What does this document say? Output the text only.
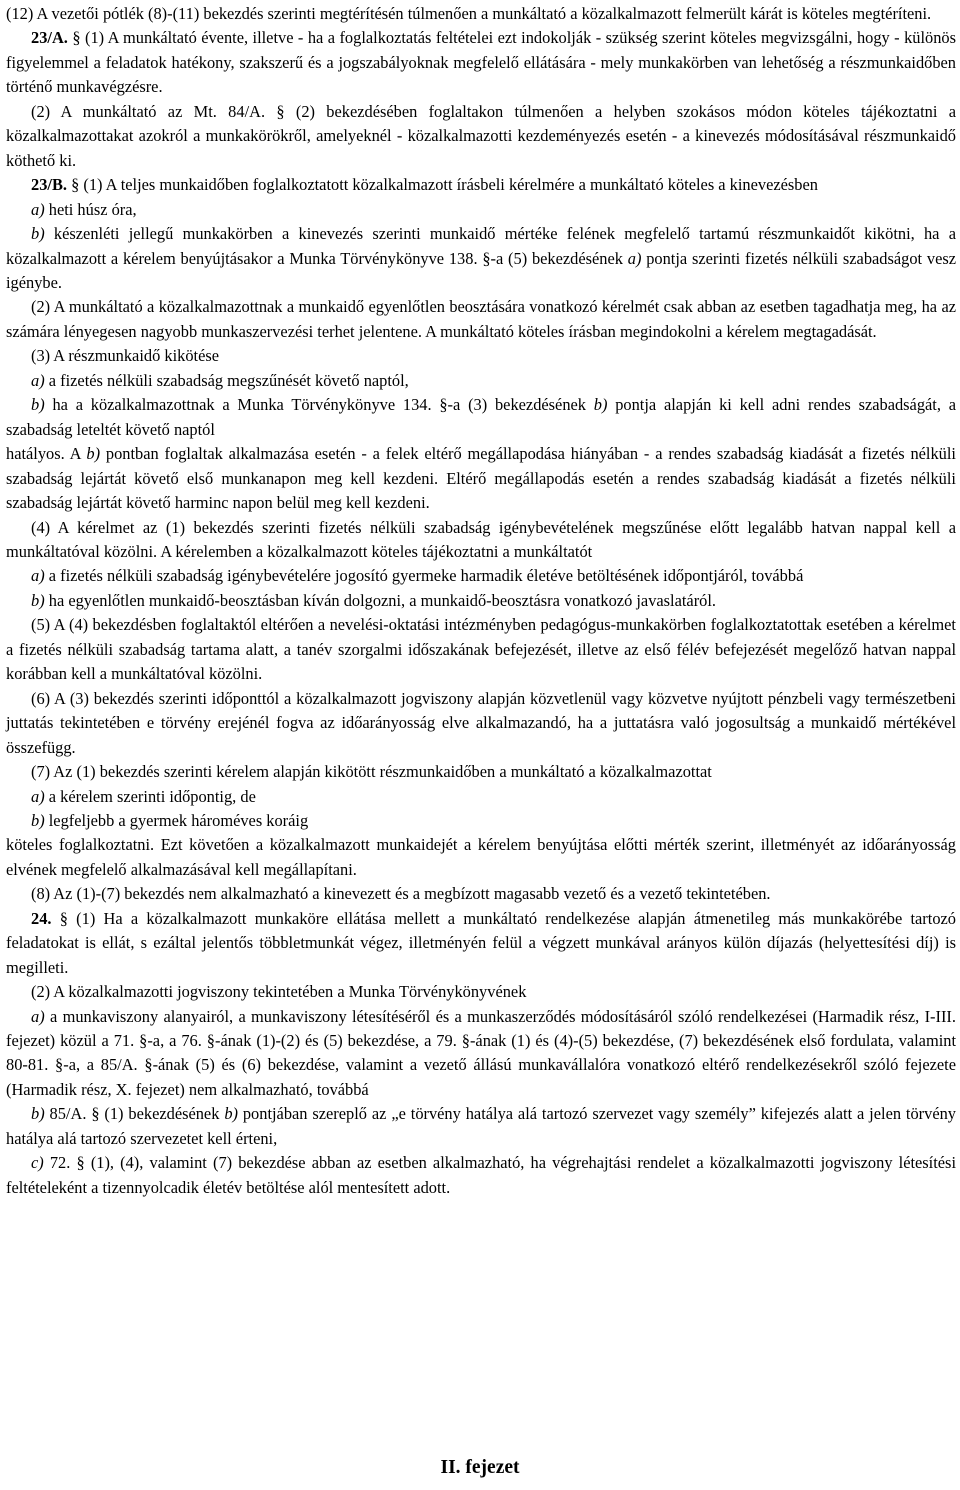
(12) A vezetői pótlék (8)-(11) bekezdés szerinti megtérítésén túlmenően a munkáltató a közalkalmazott felmerült kárát is köteles megtéríteni.

23/A. § (1) A munkáltató évente, illetve - ha a foglalkoztatás feltételei ezt indokolják - szükség szerint köteles megvizsgálni, hogy - különös figyelemmel a feladatok hatékony, szakszerű és a jogszabályoknak megfelelő ellátására - mely munkakörben van lehetőség a részmunkaidőben történő munkavégzésre.

(2) A munkáltató az Mt. 84/A. § (2) bekezdésében foglaltakon túlmenően a helyben szokásos módon köteles tájékoztatni a közalkalmazottakat azokról a munkakörökről, amelyeknél - közalkalmazotti kezdeményezés esetén - a kinevezés módosításával részmunkaidő köthető ki.

23/B. § (1) A teljes munkaidőben foglalkoztatott közalkalmazott írásbeli kérelmére a munkáltató köteles a kinevezésben

a) heti húsz óra,

b) készenléti jellegű munkakörben a kinevezés szerinti munkaidő mértéke felének megfelelő tartamú részmunkaidőt kikötni, ha a közalkalmazott a kérelem benyújtásakor a Munka Törvénykönyve 138. §-a (5) bekezdésének a) pontja szerinti fizetés nélküli szabadságot vesz igénybe.

(2) A munkáltató a közalkalmazottnak a munkaidő egyenlőtlen beosztására vonatkozó kérelmét csak abban az esetben tagadhatja meg, ha az számára lényegesen nagyobb munkaszervezési terhet jelentene. A munkáltató köteles írásban megindokolni a kérelem megtagadását.

(3) A részmunkaidő kikötése

a) a fizetés nélküli szabadság megszűnését követő naptól,

b) ha a közalkalmazottnak a Munka Törvénykönyve 134. §-a (3) bekezdésének b) pontja alapján ki kell adni rendes szabadságát, a szabadság leteltét követő naptól

hatályos. A b) pontban foglaltak alkalmazása esetén - a felek eltérő megállapodása hiányában - a rendes szabadság kiadását a fizetés nélküli szabadság lejártát követő első munkanapon meg kell kezdeni. Eltérő megállapodás esetén a rendes szabadság kiadását a fizetés nélküli szabadság lejártát követő harminc napon belül meg kell kezdeni.

(4) A kérelmet az (1) bekezdés szerinti fizetés nélküli szabadság igénybevételének megszűnése előtt legalább hatvan nappal kell a munkáltatóval közölni. A kérelemben a közalkalmazott köteles tájékoztatni a munkáltatót

a) a fizetés nélküli szabadság igénybevételére jogosító gyermeke harmadik életéve betöltésének időpontjáról, továbbá

b) ha egyenlőtlen munkaidő-beosztásban kíván dolgozni, a munkaidő-beosztásra vonatkozó javaslatáról.

(5) A (4) bekezdésben foglaltaktól eltérően a nevelési-oktatási intézményben pedagógus-munkakörben foglalkoztatottak esetében a kérelmet a fizetés nélküli szabadság tartama alatt, a tanév szorgalmi időszakának befejezését, illetve az első félév befejezését megelőző hatvan nappal korábban kell a munkáltatóval közölni.

(6) A (3) bekezdés szerinti időponttól a közalkalmazott jogviszony alapján közvetlenül vagy közvetve nyújtott pénzbeli vagy természetbeni juttatás tekintetében e törvény erejénél fogva az időarányosság elve alkalmazandó, ha a juttatásra való jogosultság a munkaidő mértékével összefügg.

(7) Az (1) bekezdés szerinti kérelem alapján kikötött részmunkaidőben a munkáltató a közalkalmazottat

a) a kérelem szerinti időpontig, de

b) legfeljebb a gyermek hároméves koráig

köteles foglalkoztatni. Ezt követően a közalkalmazott munkaidejét a kérelem benyújtása előtti mérték szerint, illetményét az időarányosság elvének megfelelő alkalmazásával kell megállapítani.

(8) Az (1)-(7) bekezdés nem alkalmazható a kinevezett és a megbízott magasabb vezető és a vezető tekintetében.

24. § (1) Ha a közalkalmazott munkaköre ellátása mellett a munkáltató rendelkezése alapján átmenetileg más munkakörébe tartozó feladatokat is ellát, s ezáltal jelentős többletmunkát végez, illetményén felül a végzett munkával arányos külön díjazás (helyettesítési díj) is megilleti.

(2) A közalkalmazotti jogviszony tekintetében a Munka Törvénykönyvének

a) a munkaviszony alanyairól, a munkaviszony létesítéséről és a munkaszerződés módosításáról szóló rendelkezései (Harmadik rész, I-III. fejezet) közül a 71. §-a, a 76. §-ának (1)-(2) és (5) bekezdése, a 79. §-ának (1) és (4)-(5) bekezdése, (7) bekezdésének első fordulata, valamint 80-81. §-a, a 85/A. §-ának (5) és (6) bekezdése, valamint a vezető állású munkavállalóra vonatkozó eltérő rendelkezésekről szóló fejezete (Harmadik rész, X. fejezet) nem alkalmazható, továbbá

b) 85/A. § (1) bekezdésének b) pontjában szereplő az „e törvény hatálya alá tartozó szervezet vagy személy” kifejezés alatt a jelen törvény hatálya alá tartozó szervezetet kell érteni,

c) 72. § (1), (4), valamint (7) bekezdése abban az esetben alkalmazható, ha végrehajtási rendelet a közalkalmazotti jogviszony létesítési feltételeként a tizennyolcadik életév betöltése alól mentesített adott.

II. fejezet
